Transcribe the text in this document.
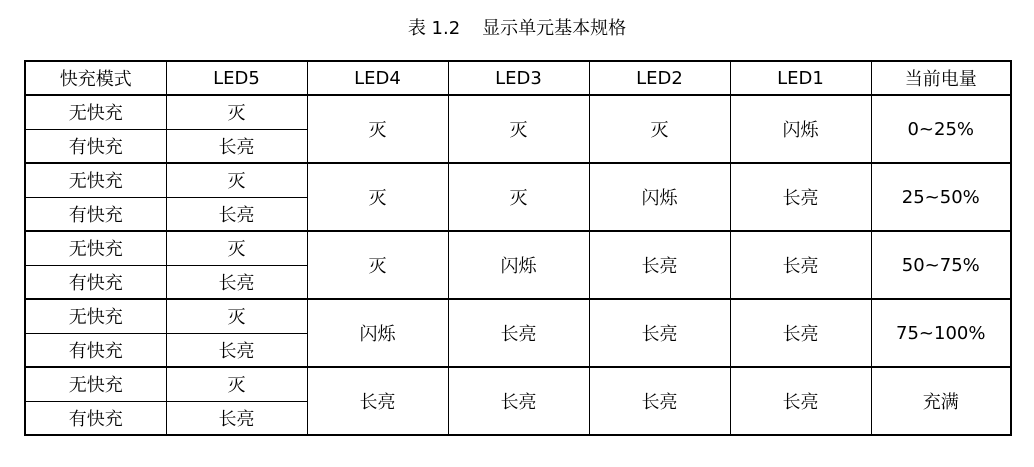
表 1.2 显示单元基本规格
快充模式	LED5	LED4	LED3	LED2	LED1	当前电量
无快充	灭	灭	灭	灭	闪烁	0~25%
有快充	长亮					
无快充	灭	灭	灭	闪烁	长亮	25~50%
有快充	长亮					
无快充	灭	灭	闪烁	长亮	长亮	50~75%
有快充	长亮					
无快充	灭	闪烁	长亮	长亮	长亮	75~100%
有快充	长亮					
无快充	灭	长亮	长亮	长亮	长亮	充满
有快充	长亮					
